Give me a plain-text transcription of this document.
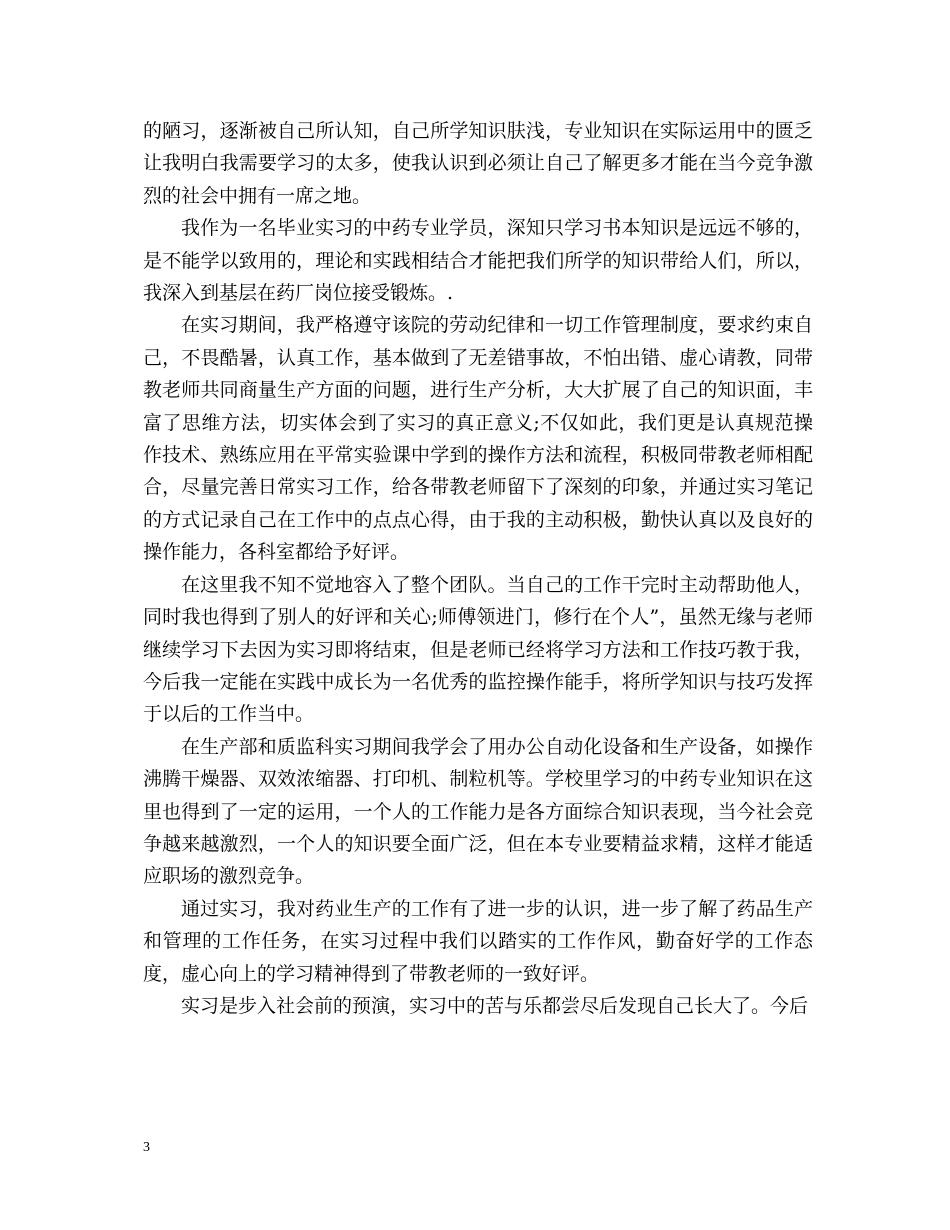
的陋习，逐渐被自己所认知，自己所学知识肤浅，专业知识在实际运用中的匮乏让我明白我需要学习的太多，使我认识到必须让自己了解更多才能在当今竞争激烈的社会中拥有一席之地。

我作为一名毕业实习的中药专业学员，深知只学习书本知识是远远不够的，是不能学以致用的，理论和实践相结合才能把我们所学的知识带给人们，所以，我深入到基层在药厂岗位接受锻炼。.

在实习期间，我严格遵守该院的劳动纪律和一切工作管理制度，要求约束自己，不畏酷暑，认真工作，基本做到了无差错事故，不怕出错、虚心请教，同带教老师共同商量生产方面的问题，进行生产分析，大大扩展了自己的知识面，丰富了思维方法，切实体会到了实习的真正意义;不仅如此，我们更是认真规范操作技术、熟练应用在平常实验课中学到的操作方法和流程，积极同带教老师相配合，尽量完善日常实习工作，给各带教老师留下了深刻的印象，并通过实习笔记的方式记录自己在工作中的点点心得，由于我的主动积极，勤快认真以及良好的操作能力，各科室都给予好评。

在这里我不知不觉地容入了整个团队。当自己的工作干完时主动帮助他人，同时我也得到了别人的好评和关心;师傅领进门，修行在个人”，虽然无缘与老师继续学习下去因为实习即将结束，但是老师已经将学习方法和工作技巧教于我，今后我一定能在实践中成长为一名优秀的监控操作能手，将所学知识与技巧发挥于以后的工作当中。

在生产部和质监科实习期间我学会了用办公自动化设备和生产设备，如操作沸腾干燥器、双效浓缩器、打印机、制粒机等。学校里学习的中药专业知识在这里也得到了一定的运用，一个人的工作能力是各方面综合知识表现，当今社会竞争越来越激烈，一个人的知识要全面广泛，但在本专业要精益求精，这样才能适应职场的激烈竞争。

通过实习，我对药业生产的工作有了进一步的认识，进一步了解了药品生产和管理的工作任务，在实习过程中我们以踏实的工作作风，勤奋好学的工作态度，虚心向上的学习精神得到了带教老师的一致好评。

实习是步入社会前的预演，实习中的苦与乐都尝尽后发现自己长大了。今后

3
